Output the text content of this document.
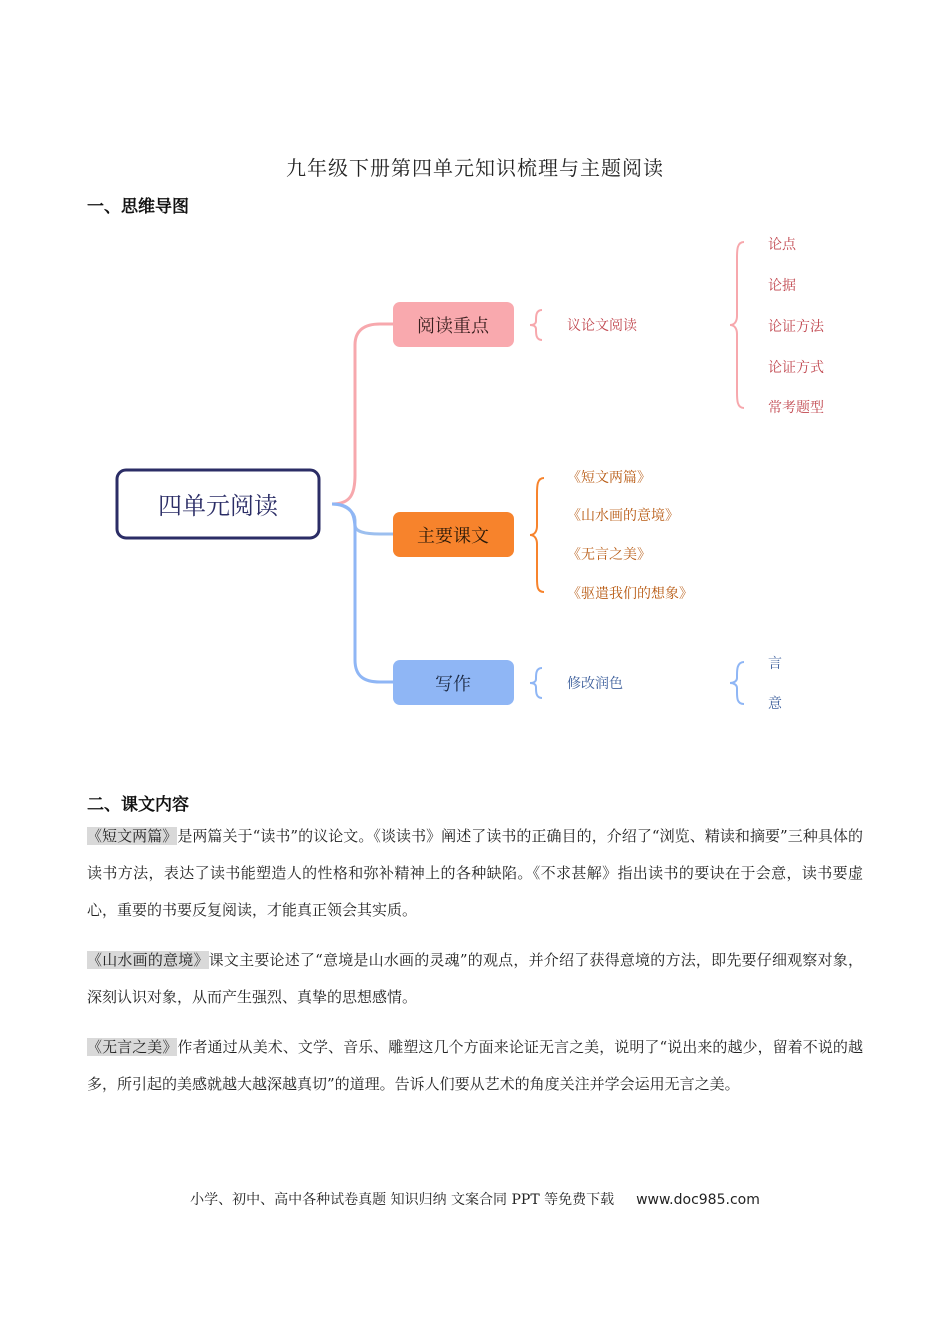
九年级下册第四单元知识梳理与主题阅读
一、思维导图
四单元阅读
阅读重点
主要课文
写作
议论文阅读
论点
论据
论证方法
论证方式
常考题型
《短文两篇》
《山水画的意境》
《无言之美》
《驱遣我们的想象》
修改润色
言
意
二、课文内容
《短文两篇》是两篇关于“读书”的议论文。《谈读书》阐述了读书的正确目的，介绍了“浏览、精读和摘要”三种具体的读书方法，表达了读书能塑造人的性格和弥补精神上的各种缺陷。《不求甚解》指出读书的要诀在于会意，读书要虚心，重要的书要反复阅读，才能真正领会其实质。
《山水画的意境》课文主要论述了“意境是山水画的灵魂”的观点，并介绍了获得意境的方法，即先要仔细观察对象，深刻认识对象，从而产生强烈、真挚的思想感情。
《无言之美》作者通过从美术、文学、音乐、雕塑这几个方面来论证无言之美，说明了“说出来的越少，留着不说的越多，所引起的美感就越大越深越真切”的道理。告诉人们要从艺术的角度关注并学会运用无言之美。
小学、初中、高中各种试卷真题 知识归纳 文案合同 PPT 等免费下载 www.doc985.com
